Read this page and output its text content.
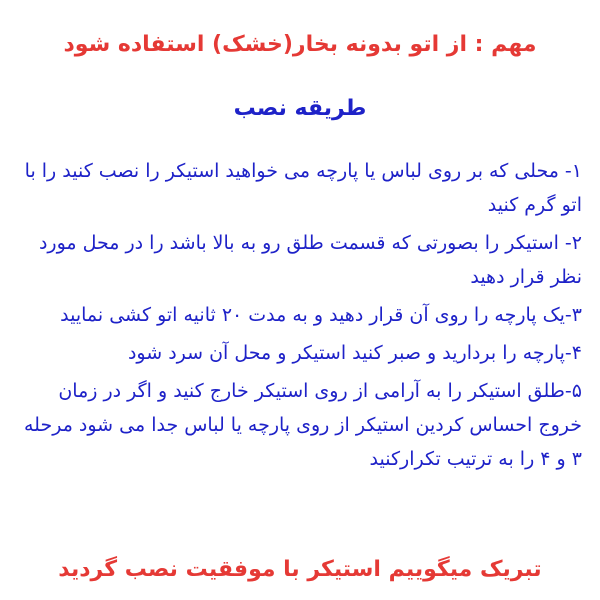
مهم : از اتو بدونه بخار(خشک) استفاده شود
طریقه نصب
۱- محلی که بر روی لباس یا پارچه می خواهید استیکر را نصب کنید را با اتو گرم کنید
۲- استیکر را بصورتی که قسمت طلق رو به بالا باشد را در محل مورد نظر قرار دهید
۳-یک پارچه را روی آن قرار دهید و به مدت ۲۰ ثانیه اتو کشی نمایید
۴-پارچه را بردارید و صبر کنید استیکر و محل آن سرد شود
۵-طلق استیکر را به آرامی از روی استیکر خارج کنید و اگر در زمان خروج احساس کردین استیکر از روی پارچه یا لباس جدا می شود مرحله ۳ و ۴ را به ترتیب تکرارکنید
تبریک میگوییم استیکر با موفقیت نصب گردید
